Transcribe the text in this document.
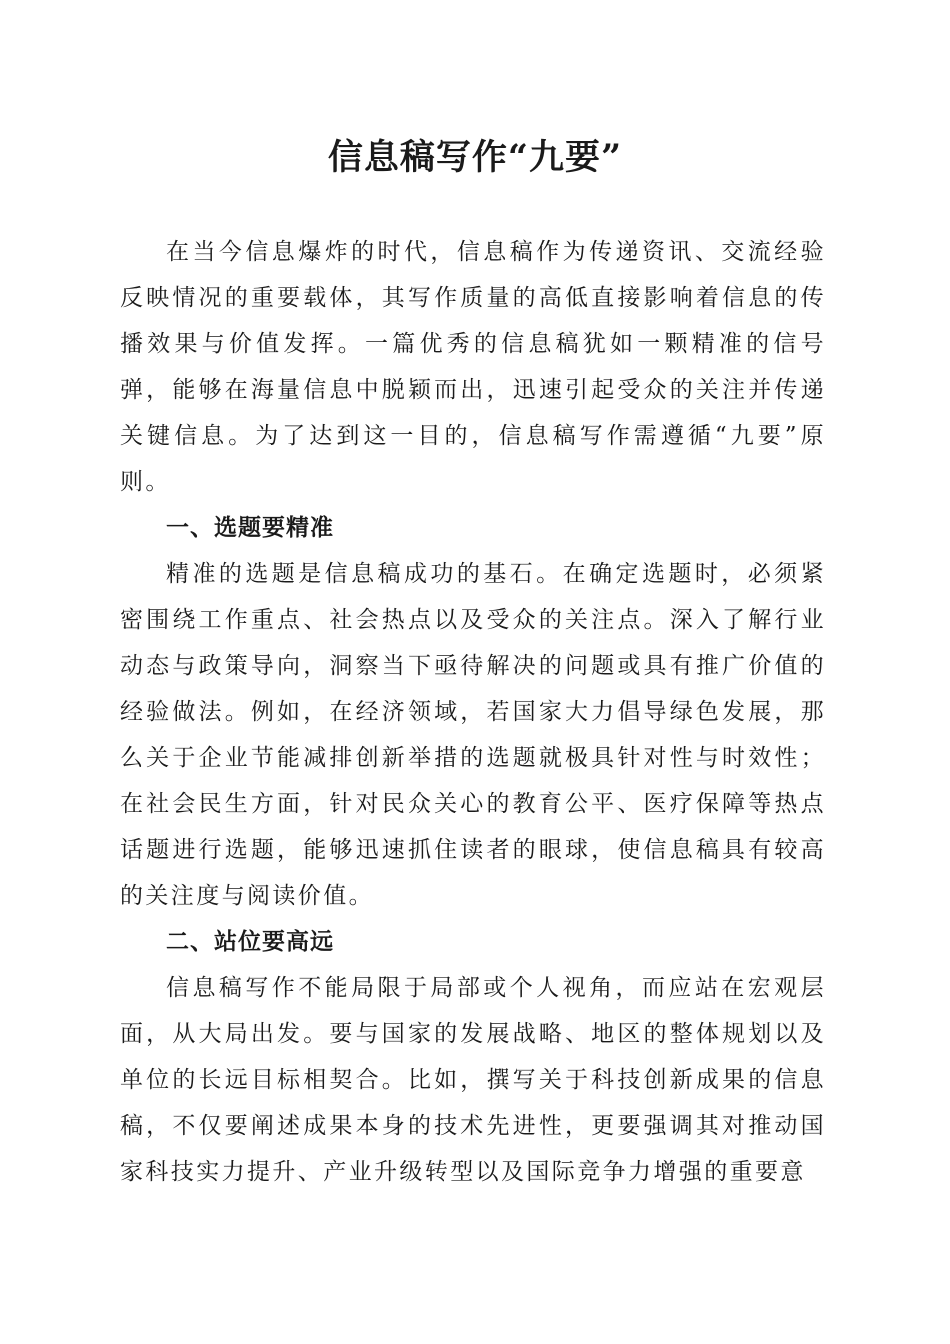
信息稿写作“九要”

在当今信息爆炸的时代，信息稿作为传递资讯、交流经验反映情况的重要载体，其写作质量的高低直接影响着信息的传播效果与价值发挥。一篇优秀的信息稿犹如一颗精准的信号弹，能够在海量信息中脱颖而出，迅速引起受众的关注并传递关键信息。为了达到这一目的，信息稿写作需遵循“九要”原则。

一、选题要精准

精准的选题是信息稿成功的基石。在确定选题时，必须紧密围绕工作重点、社会热点以及受众的关注点。深入了解行业动态与政策导向，洞察当下亟待解决的问题或具有推广价值的经验做法。例如，在经济领域，若国家大力倡导绿色发展，那么关于企业节能减排创新举措的选题就极具针对性与时效性；在社会民生方面，针对民众关心的教育公平、医疗保障等热点话题进行选题，能够迅速抓住读者的眼球，使信息稿具有较高的关注度与阅读价值。

二、站位要高远

信息稿写作不能局限于局部或个人视角，而应站在宏观层面，从大局出发。要与国家的发展战略、地区的整体规划以及单位的长远目标相契合。比如，撰写关于科技创新成果的信息稿，不仅要阐述成果本身的技术先进性，更要强调其对推动国家科技实力提升、产业升级转型以及国际竞争力增强的重要意
